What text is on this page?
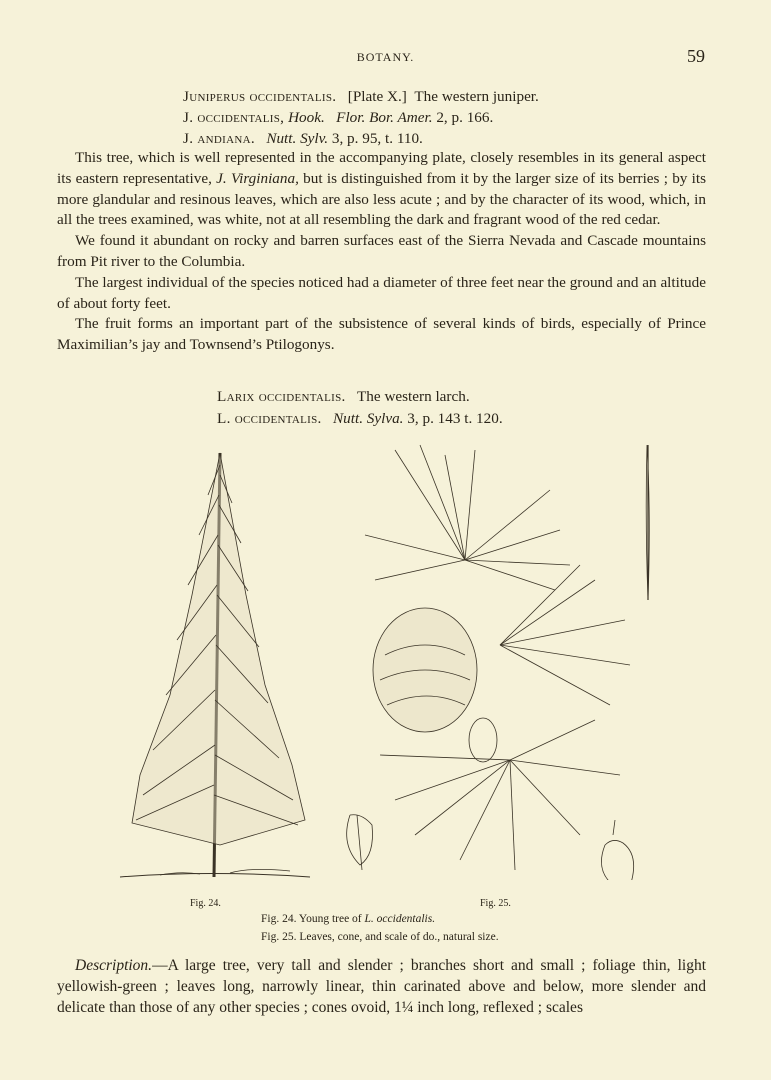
BOTANY.	59
Juniperus occidentalis. [Plate X.] The western juniper.
J. occidentalis, Hook. Flor. Bor. Amer. 2, p. 166.
J. andiana. Nutt. Sylv. 3, p. 95, t. 110.

This tree, which is well represented in the accompanying plate, closely resembles in its general aspect its eastern representative, J. Virginiana, but is distinguished from it by the larger size of its berries ; by its more glandular and resinous leaves, which are also less acute ; and by the character of its wood, which, in all the trees examined, was white, not at all resembling the dark and fragrant wood of the red cedar.

We found it abundant on rocky and barren surfaces east of the Sierra Nevada and Cascade mountains from Pit river to the Columbia.

The largest individual of the species noticed had a diameter of three feet near the ground and an altitude of about forty feet.

The fruit forms an important part of the subsistence of several kinds of birds, especially of Prince Maximilian’s jay and Townsend’s Ptilogonys.

Larix occidentalis. The western larch.
L. occidentalis. Nutt. Sylva. 3, p. 143 t. 120.
Fig. 24.	Fig. 25.
Fig. 24. Young tree of L. occidentalis.
Fig. 25. Leaves, cone, and scale of do., natural size.

Description.—A large tree, very tall and slender ; branches short and small ; foliage thin, light yellowish-green ; leaves long, narrowly linear, thin carinated above and below, more slender and delicate than those of any other species ; cones ovoid, 1¼ inch long, reflexed ; scales
